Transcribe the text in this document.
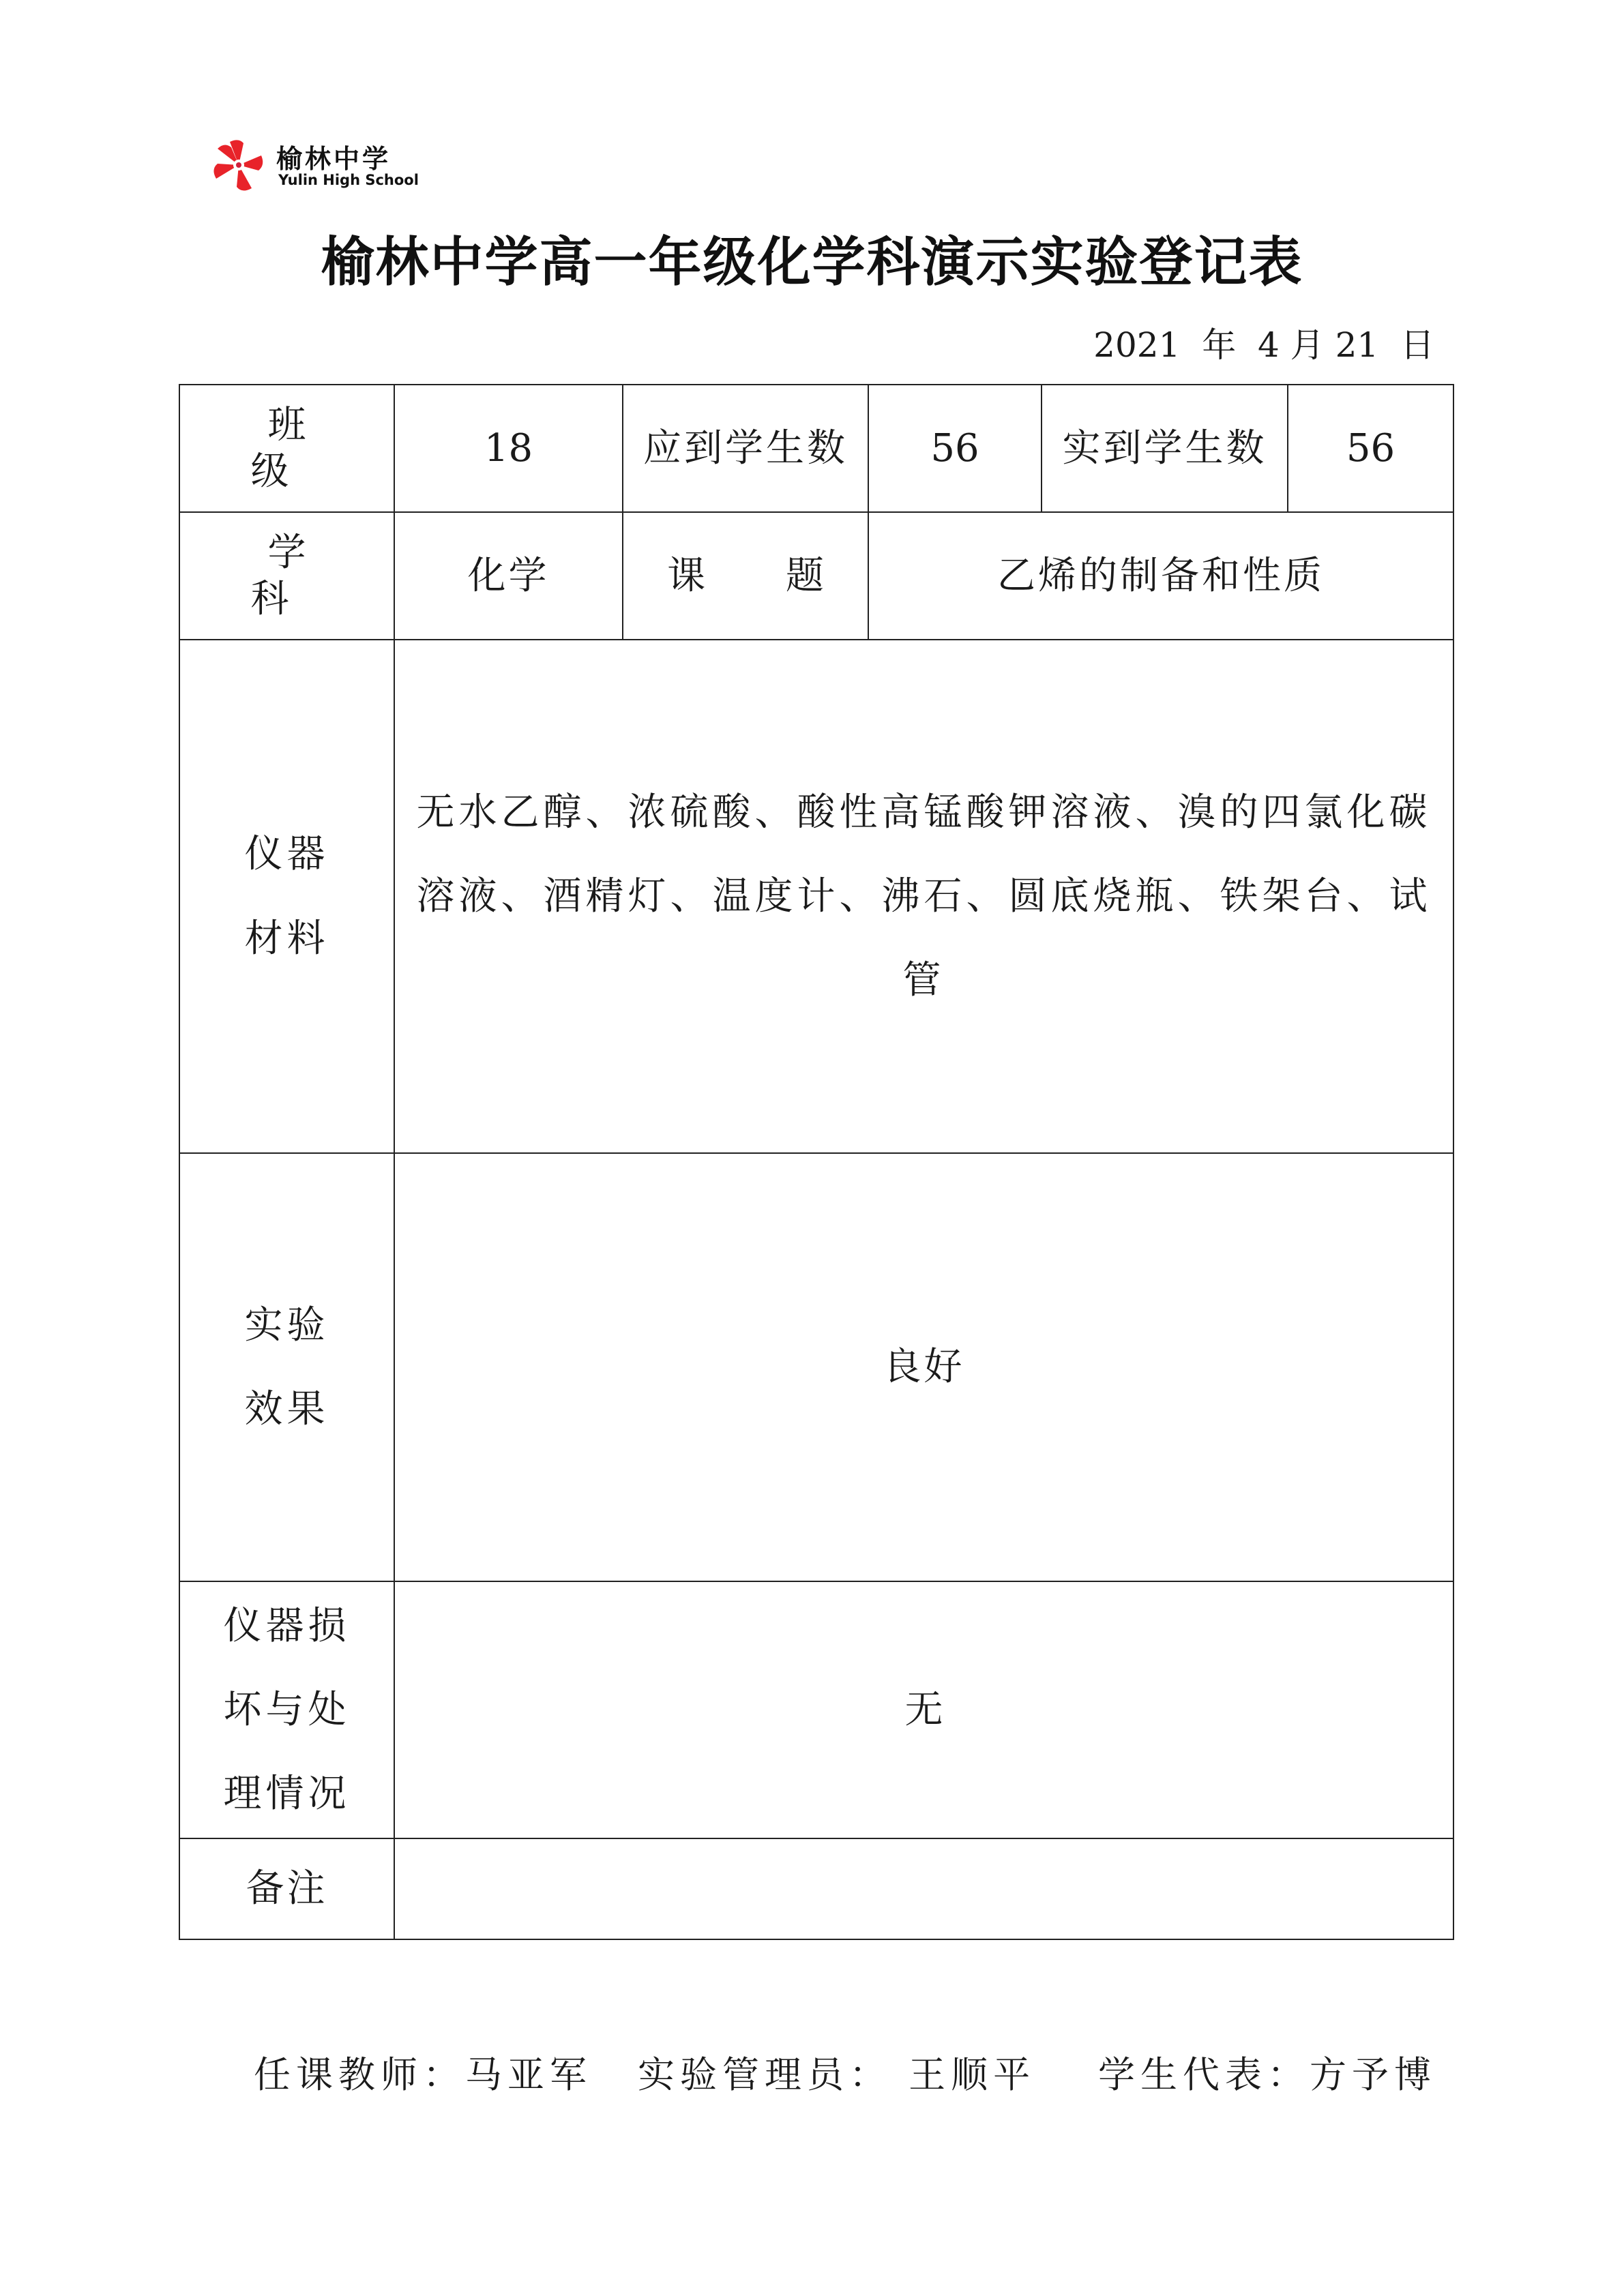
榆林中学
Yulin High School
榆林中学高一年级化学科演示实验登记表
2021  年  4 月 21  日
班 级	18	应到学生数	56	实到学生数	56
学 科	化学	课 题	乙烯的制备和性质		

仪器
材料	无水乙醇、浓硫酸、酸性高锰酸钾溶液、溴的四氯化碳溶液、酒精灯、温度计、沸石、圆底烧瓶、铁架台、试管				

实验
效果	良好				

仪器损
坏与处
理情况	无				
备注					
任课教师：马亚军 实验管理员： 王顺平 学生代表：方予博
